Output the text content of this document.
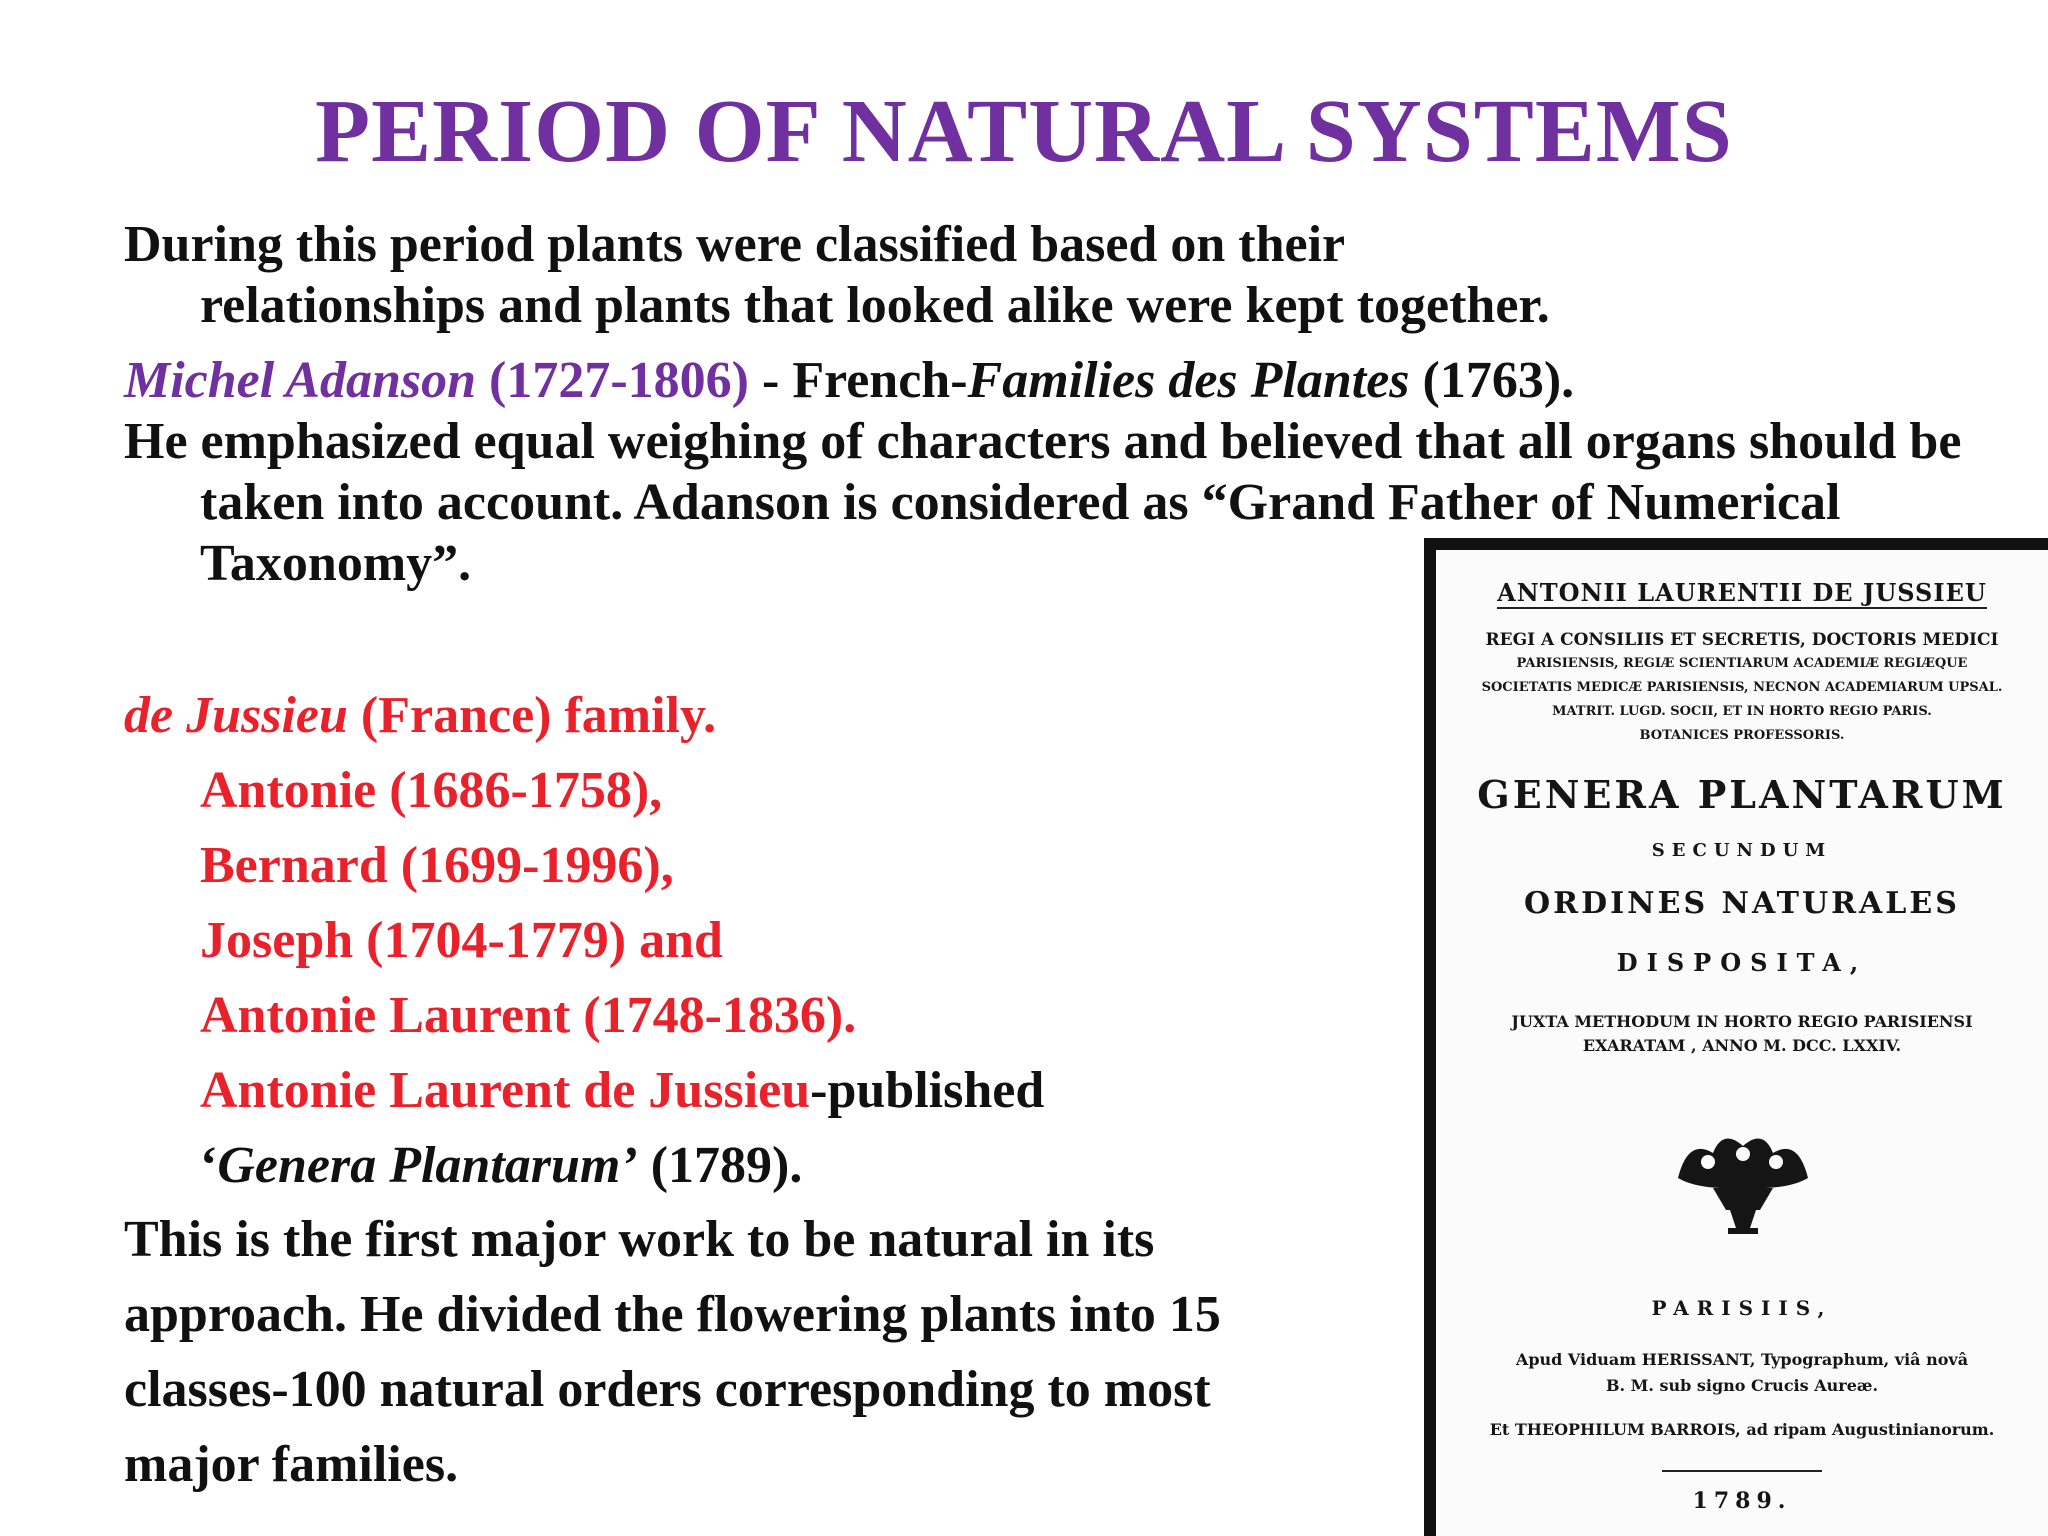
PERIOD OF NATURAL SYSTEMS
During this period plants were classified based on their
relationships and plants that looked alike were kept together.
Michel Adanson (1727-1806) - French-Families des Plantes (1763).
He emphasized equal weighing of characters and believed that all organs should be taken into account. Adanson is considered as “Grand Father of Numerical Taxonomy”.
de Jussieu (France) family.
Antonie (1686-1758),
Bernard (1699-1996),
Joseph (1704-1779) and
Antonie Laurent (1748-1836).
Antonie Laurent de Jussieu-published
‘Genera Plantarum’ (1789).
This is the first major work to be natural in its approach. He divided the flowering plants into 15 classes-100 natural orders corresponding to most major families.
ANTONII LAURENTII DE JUSSIEU
REGI A CONSILIIS ET SECRETIS, DOCTORIS MEDICI
PARISIENSIS, REGIÆ SCIENTIARUM ACADEMIÆ REGIÆQUE
SOCIETATIS MEDICÆ PARISIENSIS, NECNON ACADEMIARUM UPSAL.
MATRIT. LUGD. SOCII, ET IN HORTO REGIO PARIS.
BOTANICES PROFESSORIS.
GENERA PLANTARUM
SECUNDUM
ORDINES NATURALES
DISPOSITA,
JUXTA METHODUM IN HORTO REGIO PARISIENSI
EXARATAM , ANNO M. DCC. LXXIV.
PARISIIS,
Apud Viduam HERISSANT, Typographum, viâ novâ
B. M. sub signo Crucis Aureæ.
Et THEOPHILUM BARROIS, ad ripam Augustinianorum.
1789.
